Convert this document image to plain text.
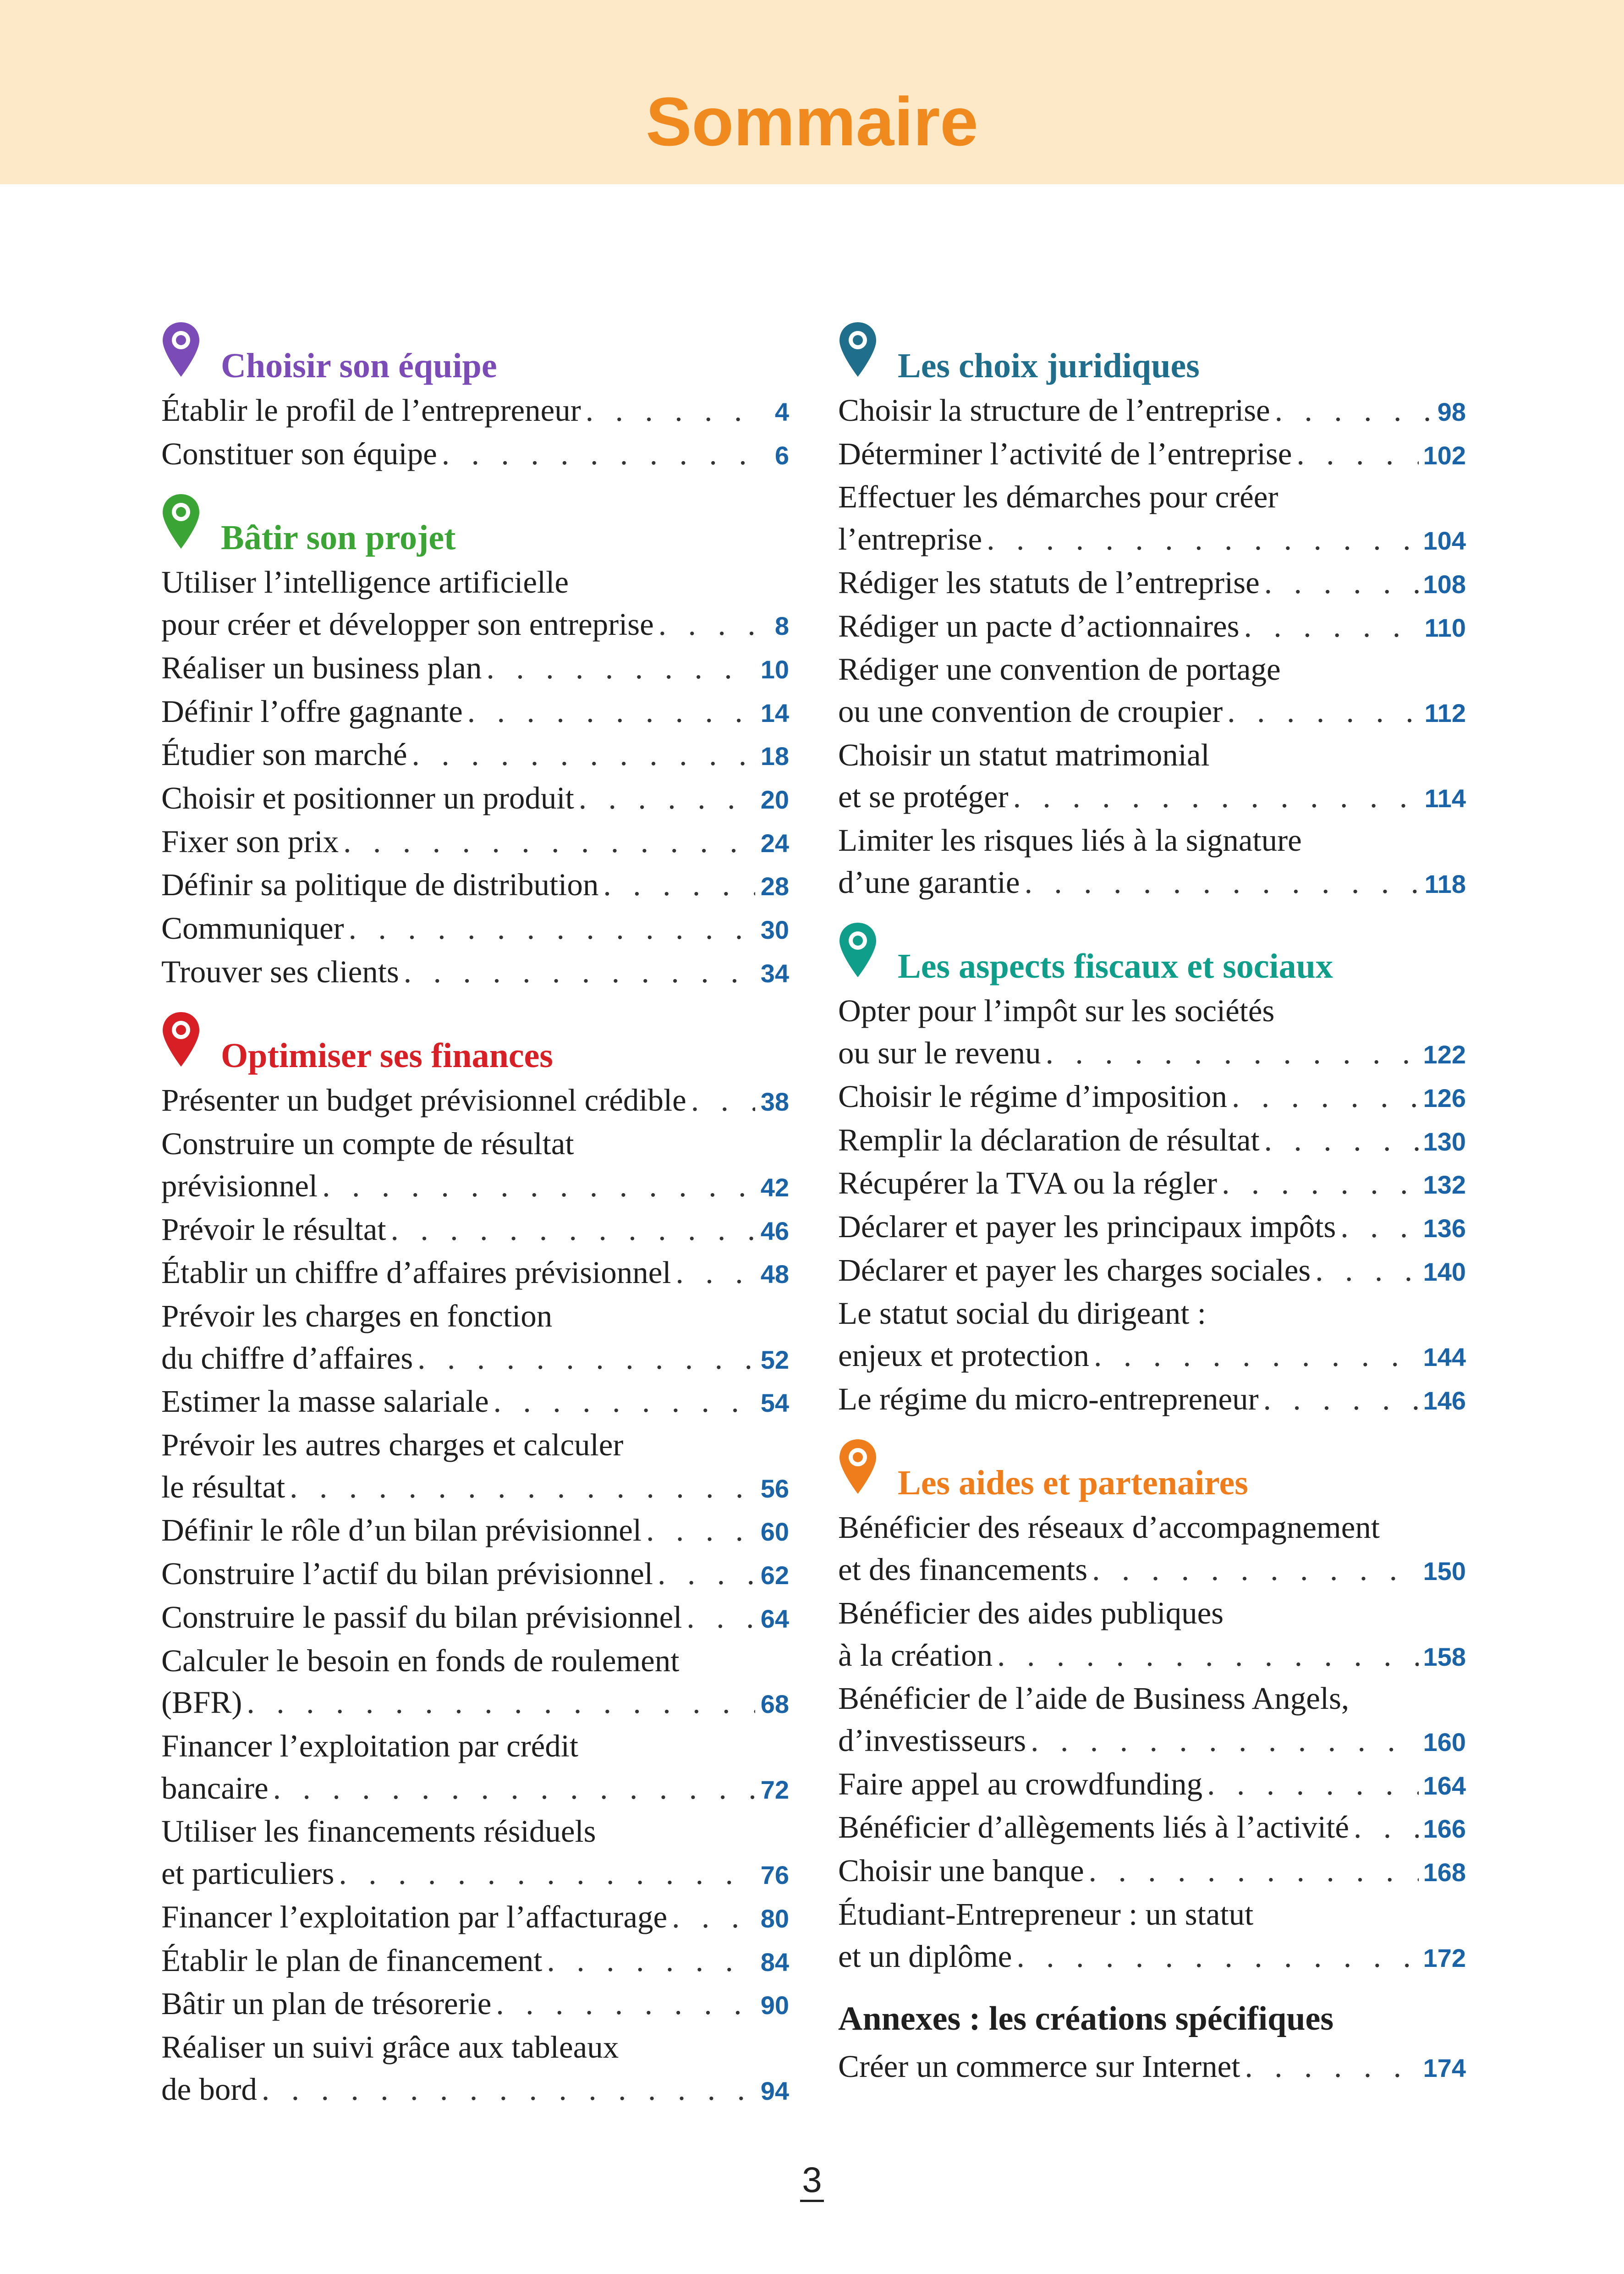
Sommaire
Choisir son équipe
Établir le profil de l’entrepreneur . . .	4
Constituer son équipe . . .	6
Bâtir son projet
Utiliser l’intelligence artificielle
pour créer et développer son entreprise . . .	8
Réaliser un business plan . . .	10
Définir l’offre gagnante . . .	14
Étudier son marché . . .	18
Choisir et positionner un produit . . .	20
Fixer son prix . . .	24
Définir sa politique de distribution . . .	28
Communiquer . . .	30
Trouver ses clients . . .	34
Optimiser ses finances
Présenter un budget prévisionnel crédible . . .	38
Construire un compte de résultat
prévisionnel . . .	42
Prévoir le résultat . . .	46
Établir un chiffre d’affaires prévisionnel . . .	48
Prévoir les charges en fonction
du chiffre d’affaires . . .	52
Estimer la masse salariale . . .	54
Prévoir les autres charges et calculer
le résultat . . .	56
Définir le rôle d’un bilan prévisionnel . . .	60
Construire l’actif du bilan prévisionnel . . .	62
Construire le passif du bilan prévisionnel . . .	64
Calculer le besoin en fonds de roulement
(BFR) . . .	68
Financer l’exploitation par crédit
bancaire . . .	72
Utiliser les financements résiduels
et particuliers . . .	76
Financer l’exploitation par l’affacturage . . .	80
Établir le plan de financement . . .	84
Bâtir un plan de trésorerie . . .	90
Réaliser un suivi grâce aux tableaux
de bord . . .	94
Les choix juridiques
Choisir la structure de l’entreprise . . .	98
Déterminer l’activité de l’entreprise . . .	102
Effectuer les démarches pour créer
l’entreprise . . .	104
Rédiger les statuts de l’entreprise . . .	108
Rédiger un pacte d’actionnaires . . .	110
Rédiger une convention de portage
ou une convention de croupier . . .	112
Choisir un statut matrimonial
et se protéger . . .	114
Limiter les risques liés à la signature
d’une garantie . . .	118
Les aspects fiscaux et sociaux
Opter pour l’impôt sur les sociétés
ou sur le revenu . . .	122
Choisir le régime d’imposition . . .	126
Remplir la déclaration de résultat . . .	130
Récupérer la TVA ou la régler . . .	132
Déclarer et payer les principaux impôts . . .	136
Déclarer et payer les charges sociales . . .	140
Le statut social du dirigeant :
enjeux et protection . . .	144
Le régime du micro-entrepreneur . . .	146
Les aides et partenaires
Bénéficier des réseaux d’accompagnement
et des financements . . .	150
Bénéficier des aides publiques
à la création . . .	158
Bénéficier de l’aide de Business Angels,
d’investisseurs . . .	160
Faire appel au crowdfunding . . .	164
Bénéficier d’allègements liés à l’activité . . .	166
Choisir une banque . . .	168
Étudiant-Entrepreneur : un statut
et un diplôme . . .	172
Annexes : les créations spécifiques
Créer un commerce sur Internet . . .	174
3
